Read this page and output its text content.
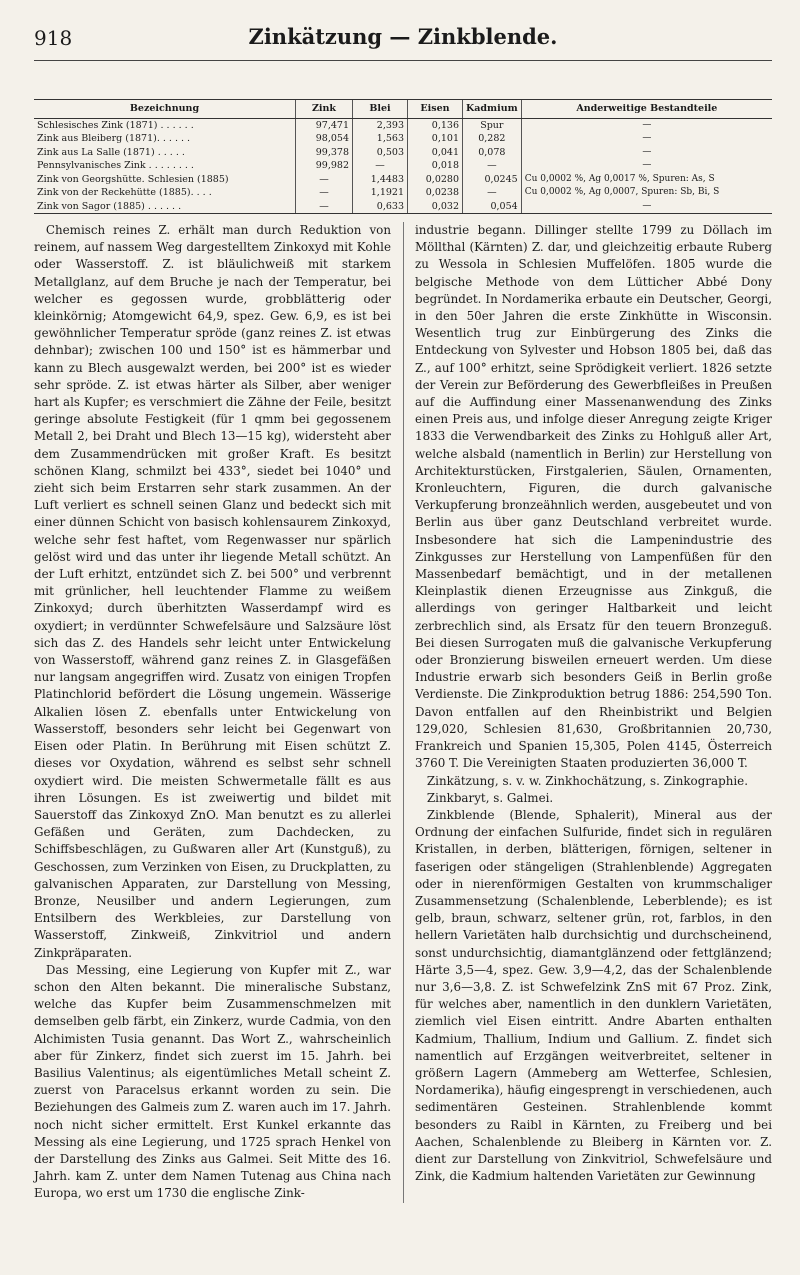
918	Zinkätzung — Zinkblende.
Bezeichnung	Zink	Blei	Eisen	Kadmium	Anderweitige Bestandteile
Schlesisches Zink (1871) . . . . . .	97,471	2,393	0,136	Spur	—
Zink aus Bleiberg (1871). . . . . .	98,054	1,563	0,101	0,282	—
Zink aus La Salle (1871) . . . . .	99,378	0,503	0,041	0,078	—
Pennsylvanisches Zink . . . . . . . .	99,982	—	0,018	—	—
Zink von Georgshütte. Schlesien (1885)	—	1,4483	0,0280	0,0245	Cu 0,0002 %, Ag 0,0017 %, Spuren: As, S
Zink von der Reckehütte (1885). . . .	—	1,1921	0,0238	—	Cu 0,0002 %, Ag 0,0007, Spuren: Sb, Bi, S
Zink von Sagor (1885) . . . . . .	—	0,633	0,032	0,054	—

Chemisch reines Z. erhält man durch Reduktion von reinem, auf nassem Weg dargestelltem Zinkoxyd mit Kohle oder Wasserstoff. Z. ist bläulichweiß mit starkem Metallglanz, auf dem Bruche je nach der Temperatur, bei welcher es gegossen wurde, grobblätterig oder kleinkörnig; Atomgewicht 64,9, spez. Gew. 6,9, es ist bei gewöhnlicher Temperatur spröde (ganz reines Z. ist etwas dehnbar); zwischen 100 und 150° ist es hämmerbar und kann zu Blech ausgewalzt werden, bei 200° ist es wieder sehr spröde. Z. ist etwas härter als Silber, aber weniger hart als Kupfer; es verschmiert die Zähne der Feile, besitzt geringe absolute Festigkeit (für 1 qmm bei gegossenem Metall 2, bei Draht und Blech 13—15 kg), widersteht aber dem Zusammendrücken mit großer Kraft. Es besitzt schönen Klang, schmilzt bei 433°, siedet bei 1040° und zieht sich beim Erstarren sehr stark zusammen. An der Luft verliert es schnell seinen Glanz und bedeckt sich mit einer dünnen Schicht von basisch kohlensaurem Zinkoxyd, welche sehr fest haftet, vom Regenwasser nur spärlich gelöst wird und das unter ihr liegende Metall schützt. An der Luft erhitzt, entzündet sich Z. bei 500° und verbrennt mit grünlicher, hell leuchtender Flamme zu weißem Zinkoxyd; durch überhitzten Wasserdampf wird es oxydiert; in verdünnter Schwefelsäure und Salzsäure löst sich das Z. des Handels sehr leicht unter Entwickelung von Wasserstoff, während ganz reines Z. in Glasgefäßen nur langsam angegriffen wird. Zusatz von einigen Tropfen Platinchlorid befördert die Lösung ungemein. Wässerige Alkalien lösen Z. ebenfalls unter Entwickelung von Wasserstoff, besonders sehr leicht bei Gegenwart von Eisen oder Platin. In Berührung mit Eisen schützt Z. dieses vor Oxydation, während es selbst sehr schnell oxydiert wird. Die meisten Schwermetalle fällt es aus ihren Lösungen. Es ist zweiwertig und bildet mit Sauerstoff das Zinkoxyd ZnO. Man benutzt es zu allerlei Gefäßen und Geräten, zum Dachdecken, zu Schiffsbeschlägen, zu Gußwaren aller Art (Kunstguß), zu Geschossen, zum Verzinken von Eisen, zu Druckplatten, zu galvanischen Apparaten, zur Darstellung von Messing, Bronze, Neusilber und andern Legierungen, zum Entsilbern des Werkbleies, zur Darstellung von Wasserstoff, Zinkweiß, Zinkvitriol und andern Zinkpräparaten.

Das Messing, eine Legierung von Kupfer mit Z., war schon den Alten bekannt. Die mineralische Substanz, welche das Kupfer beim Zusammenschmelzen mit demselben gelb färbt, ein Zinkerz, wurde Cadmia, von den Alchimisten Tusia genannt. Das Wort Z., wahrscheinlich aber für Zinkerz, findet sich zuerst im 15. Jahrh. bei Basilius Valentinus; als eigentümliches Metall scheint Z. zuerst von Paracelsus erkannt worden zu sein. Die Beziehungen des Galmeis zum Z. waren auch im 17. Jahrh. noch nicht sicher ermittelt. Erst Kunkel erkannte das Messing als eine Legierung, und 1725 sprach Henkel von der Darstellung des Zinks aus Galmei. Seit Mitte des 16. Jahrh. kam Z. unter dem Namen Tutenag aus China nach Europa, wo erst um 1730 die englische Zink-

industrie begann. Dillinger stellte 1799 zu Döllach im Möllthal (Kärnten) Z. dar, und gleichzeitig erbaute Ruberg zu Wessola in Schlesien Muffelöfen. 1805 wurde die belgische Methode von dem Lütticher Abbé Dony begründet. In Nordamerika erbaute ein Deutscher, Georgi, in den 50er Jahren die erste Zinkhütte in Wisconsin. Wesentlich trug zur Einbürgerung des Zinks die Entdeckung von Sylvester und Hobson 1805 bei, daß das Z., auf 100° erhitzt, seine Sprödigkeit verliert. 1826 setzte der Verein zur Beförderung des Gewerbfleißes in Preußen auf die Auffindung einer Massenanwendung des Zinks einen Preis aus, und infolge dieser Anregung zeigte Kriger 1833 die Verwendbarkeit des Zinks zu Hohlguß aller Art, welche alsbald (namentlich in Berlin) zur Herstellung von Architekturstücken, Firstgalerien, Säulen, Ornamenten, Kronleuchtern, Figuren, die durch galvanische Verkupferung bronzeähnlich werden, ausgebeutet und von Berlin aus über ganz Deutschland verbreitet wurde. Insbesondere hat sich die Lampenindustrie des Zinkgusses zur Herstellung von Lampenfüßen für den Massenbedarf bemächtigt, und in der metallenen Kleinplastik dienen Erzeugnisse aus Zinkguß, die allerdings von geringer Haltbarkeit und leicht zerbrechlich sind, als Ersatz für den teuern Bronzeguß. Bei diesen Surrogaten muß die galvanische Verkupferung oder Bronzierung bisweilen erneuert werden. Um diese Industrie erwarb sich besonders Geiß in Berlin große Verdienste. Die Zinkproduktion betrug 1886: 254,590 Ton. Davon entfallen auf den Rheinbistrikt und Belgien 129,020, Schlesien 81,630, Großbritannien 20,730, Frankreich und Spanien 15,305, Polen 4145, Österreich 3760 T. Die Vereinigten Staaten produzierten 36,000 T.

Zinkätzung, s. v. w. Zinkhochätzung, s. Zinkographie.

Zinkbaryt, s. Galmei.

Zinkblende (Blende, Sphalerit), Mineral aus der Ordnung der einfachen Sulfuride, findet sich in regulären Kristallen, in derben, blätterigen, förnigen, seltener in faserigen oder stängeligen (Strahlenblende) Aggregaten oder in nierenförmigen Gestalten von krummschaliger Zusammensetzung (Schalenblende, Leberblende); es ist gelb, braun, schwarz, seltener grün, rot, farblos, in den hellern Varietäten halb durchsichtig und durchscheinend, sonst undurchsichtig, diamantglänzend oder fettglänzend; Härte 3,5—4, spez. Gew. 3,9—4,2, das der Schalenblende nur 3,6—3,8. Z. ist Schwefelzink ZnS mit 67 Proz. Zink, für welches aber, namentlich in den dunklern Varietäten, ziemlich viel Eisen eintritt. Andre Abarten enthalten Kadmium, Thallium, Indium und Gallium. Z. findet sich namentlich auf Erzgängen weitverbreitet, seltener in größern Lagern (Ammeberg am Wetterfee, Schlesien, Nordamerika), häufig eingesprengt in verschiedenen, auch sedimentären Gesteinen. Strahlenblende kommt besonders zu Raibl in Kärnten, zu Freiberg und bei Aachen, Schalenblende zu Bleiberg in Kärnten vor. Z. dient zur Darstellung von Zinkvitriol, Schwefelsäure und Zink, die Kadmium haltenden Varietäten zur Gewinnung
